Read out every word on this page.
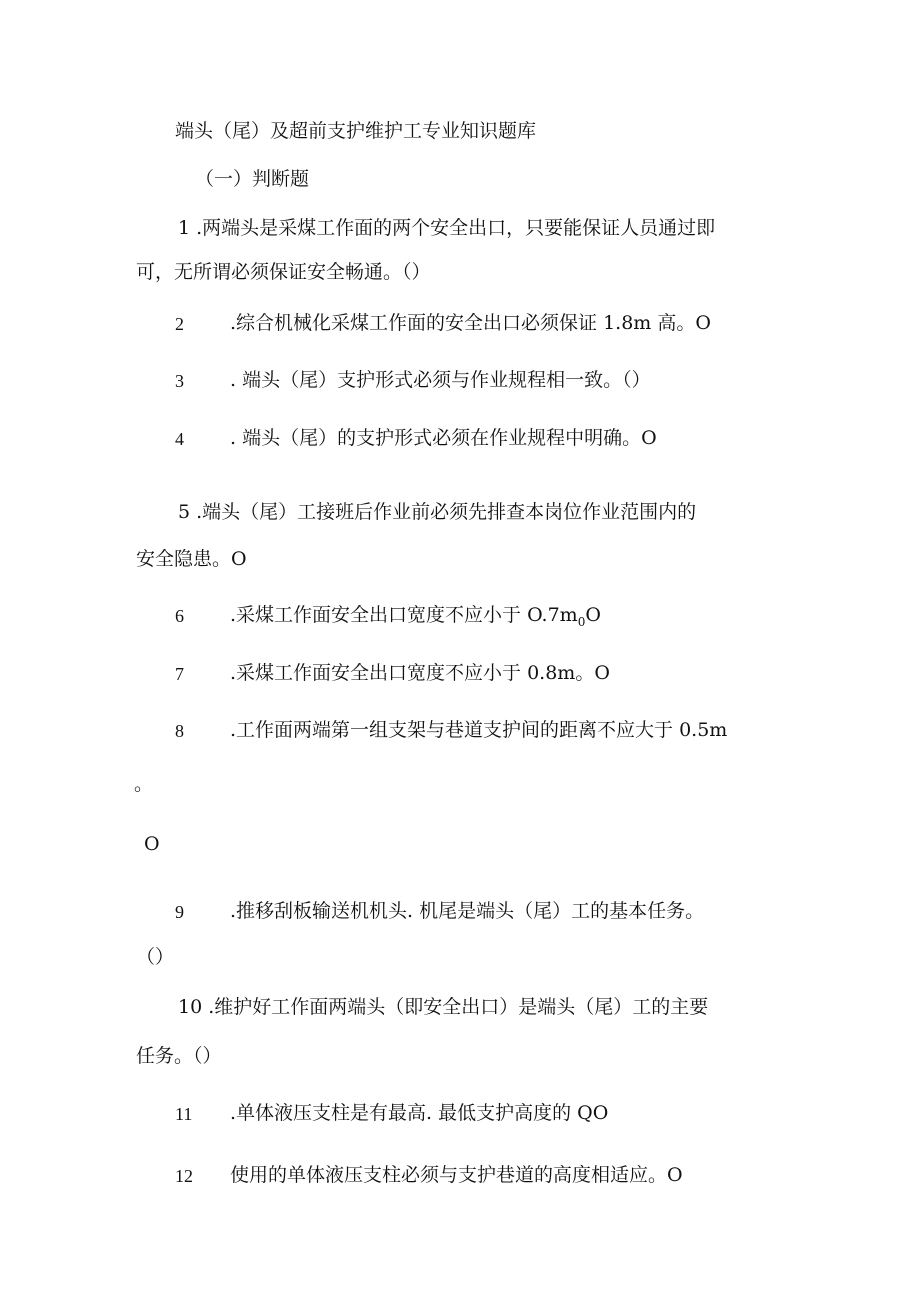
端头（尾）及超前支护维护工专业知识题库
（一）判断题
1 .两端头是采煤工作面的两个安全出口，只要能保证人员通过即
可，无所谓必须保证安全畅通。（）
2 .综合机械化采煤工作面的安全出口必须保证 1.8m 高。O
3 . 端头（尾）支护形式必须与作业规程相一致。（）
4 . 端头（尾）的支护形式必须在作业规程中明确。O
5 .端头（尾）工接班后作业前必须先排查本岗位作业范围内的
安全隐患。O
6 .采煤工作面安全出口宽度不应小于 $O.7m_0O$
7 .采煤工作面安全出口宽度不应小于 0.8m。O
8 .工作面两端第一组支架与巷道支护间的距离不应大于 0.5m
。
O
9 .推移刮板输送机机头. 机尾是端头（尾）工的基本任务。
（）
10 .维护好工作面两端头（即安全出口）是端头（尾）工的主要
任务。（）
11 .单体液压支柱是有最高. 最低支护高度的 QO
12 使用的单体液压支柱必须与支护巷道的高度相适应。O
